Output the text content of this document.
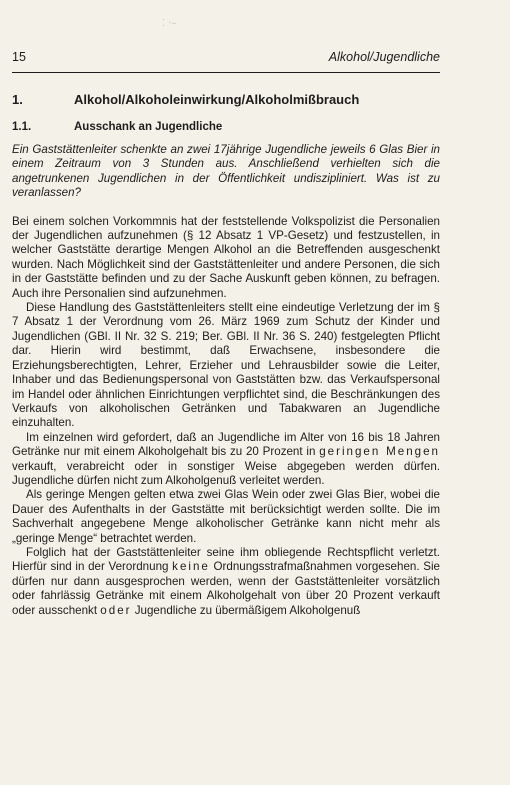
⁚ ·–
15	Alkohol/Jugendliche
1.	Alkohol/Alkoholeinwirkung/Alkoholmißbrauch
1.1.	Ausschank an Jugendliche

Ein Gaststättenleiter schenkte an zwei 17jährige Jugendliche jeweils 6 Glas Bier in einem Zeitraum von 3 Stunden aus. Anschließend verhielten sich die angetrunkenen Jugendlichen in der Öffentlichkeit undiszipliniert. Was ist zu veranlassen?

Bei einem solchen Vorkommnis hat der feststellende Volkspolizist die Personalien der Jugendlichen aufzunehmen (§ 12 Absatz 1 VP-Gesetz) und festzustellen, in welcher Gaststätte derartige Mengen Alkohol an die Betreffenden ausgeschenkt wurden. Nach Möglichkeit sind der Gaststättenleiter und andere Personen, die sich in der Gaststätte befinden und zu der Sache Auskunft geben können, zu befragen. Auch ihre Personalien sind aufzunehmen.

Diese Handlung des Gaststättenleiters stellt eine eindeutige Verletzung der im § 7 Absatz 1 der Verordnung vom 26. März 1969 zum Schutz der Kinder und Jugendlichen (GBl. II Nr. 32 S. 219; Ber. GBl. II Nr. 36 S. 240) festgelegten Pflicht dar. Hierin wird bestimmt, daß Erwachsene, insbesondere die Erziehungsberechtigten, Lehrer, Erzieher und Lehrausbilder sowie die Leiter, Inhaber und das Bedienungspersonal von Gaststätten bzw. das Verkaufspersonal im Handel oder ähnlichen Einrichtungen verpflichtet sind, die Beschränkungen des Verkaufs von alkoholischen Getränken und Tabakwaren an Jugendliche einzuhalten.

Im einzelnen wird gefordert, daß an Jugendliche im Alter von 16 bis 18 Jahren Getränke nur mit einem Alkoholgehalt bis zu 20 Prozent in geringen Mengen verkauft, verabreicht oder in sonstiger Weise abgegeben werden dürfen. Jugendliche dürfen nicht zum Alkoholgenuß verleitet werden.

Als geringe Mengen gelten etwa zwei Glas Wein oder zwei Glas Bier, wobei die Dauer des Aufenthalts in der Gaststätte mit berücksichtigt werden sollte. Die im Sachverhalt angegebene Menge alkoholischer Getränke kann nicht mehr als „geringe Menge“ betrachtet werden.

Folglich hat der Gaststättenleiter seine ihm obliegende Rechtspflicht verletzt. Hierfür sind in der Verordnung keine Ordnungsstrafmaßnahmen vorgesehen. Sie dürfen nur dann ausgesprochen werden, wenn der Gaststättenleiter vorsätzlich oder fahrlässig Getränke mit einem Alkoholgehalt von über 20 Prozent verkauft oder ausschenkt oder Jugendliche zu übermäßigem Alkoholgenuß
